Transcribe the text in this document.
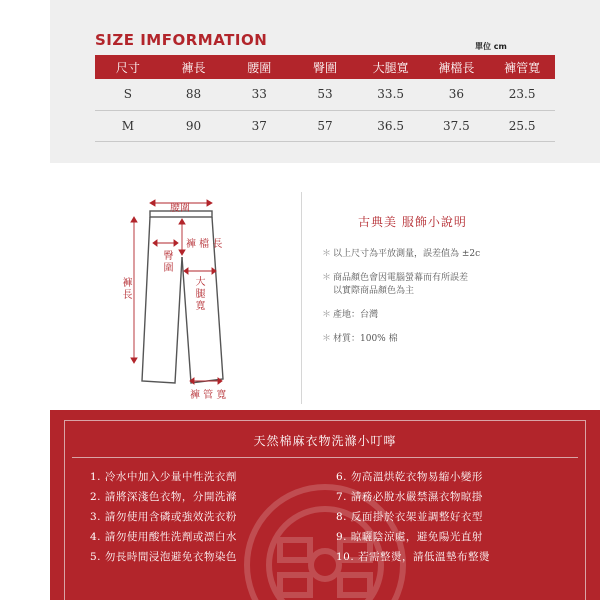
SIZE IMFORMATION	單位 cm
尺寸	褲長	腰圍	臀圍	大腿寬	褲檔長	褲管寬
S	88	33	53	33.5	36	23.5
M	90	37	57	36.5	37.5	25.5
腰圍
褲 檔 長
褲長
臀圍
大腿寬
褲 管 寬
古典美 服飾小說明
＊ 以上尺寸為平放測量，誤差值為 ±2c
＊ 商品顏色會因電腦螢幕而有所誤差
以實際商品顏色為主
＊ 產地：台灣
＊ 材質：100% 棉
天然棉麻衣物洗滌小叮嚀
1. 冷水中加入少量中性洗衣劑
2. 請將深淺色衣物，分開洗滌
3. 請勿使用含磷或強效洗衣粉
4. 請勿使用酸性洗劑或漂白水
5. 勿長時間浸泡避免衣物染色
6. 勿高溫烘乾衣物易縮小變形
7. 請務必脫水嚴禁濕衣物晾掛
8. 反面掛於衣架並調整好衣型
9. 晾曬陰涼處，避免陽光直射
10. 若需整燙，請低溫墊布整燙
